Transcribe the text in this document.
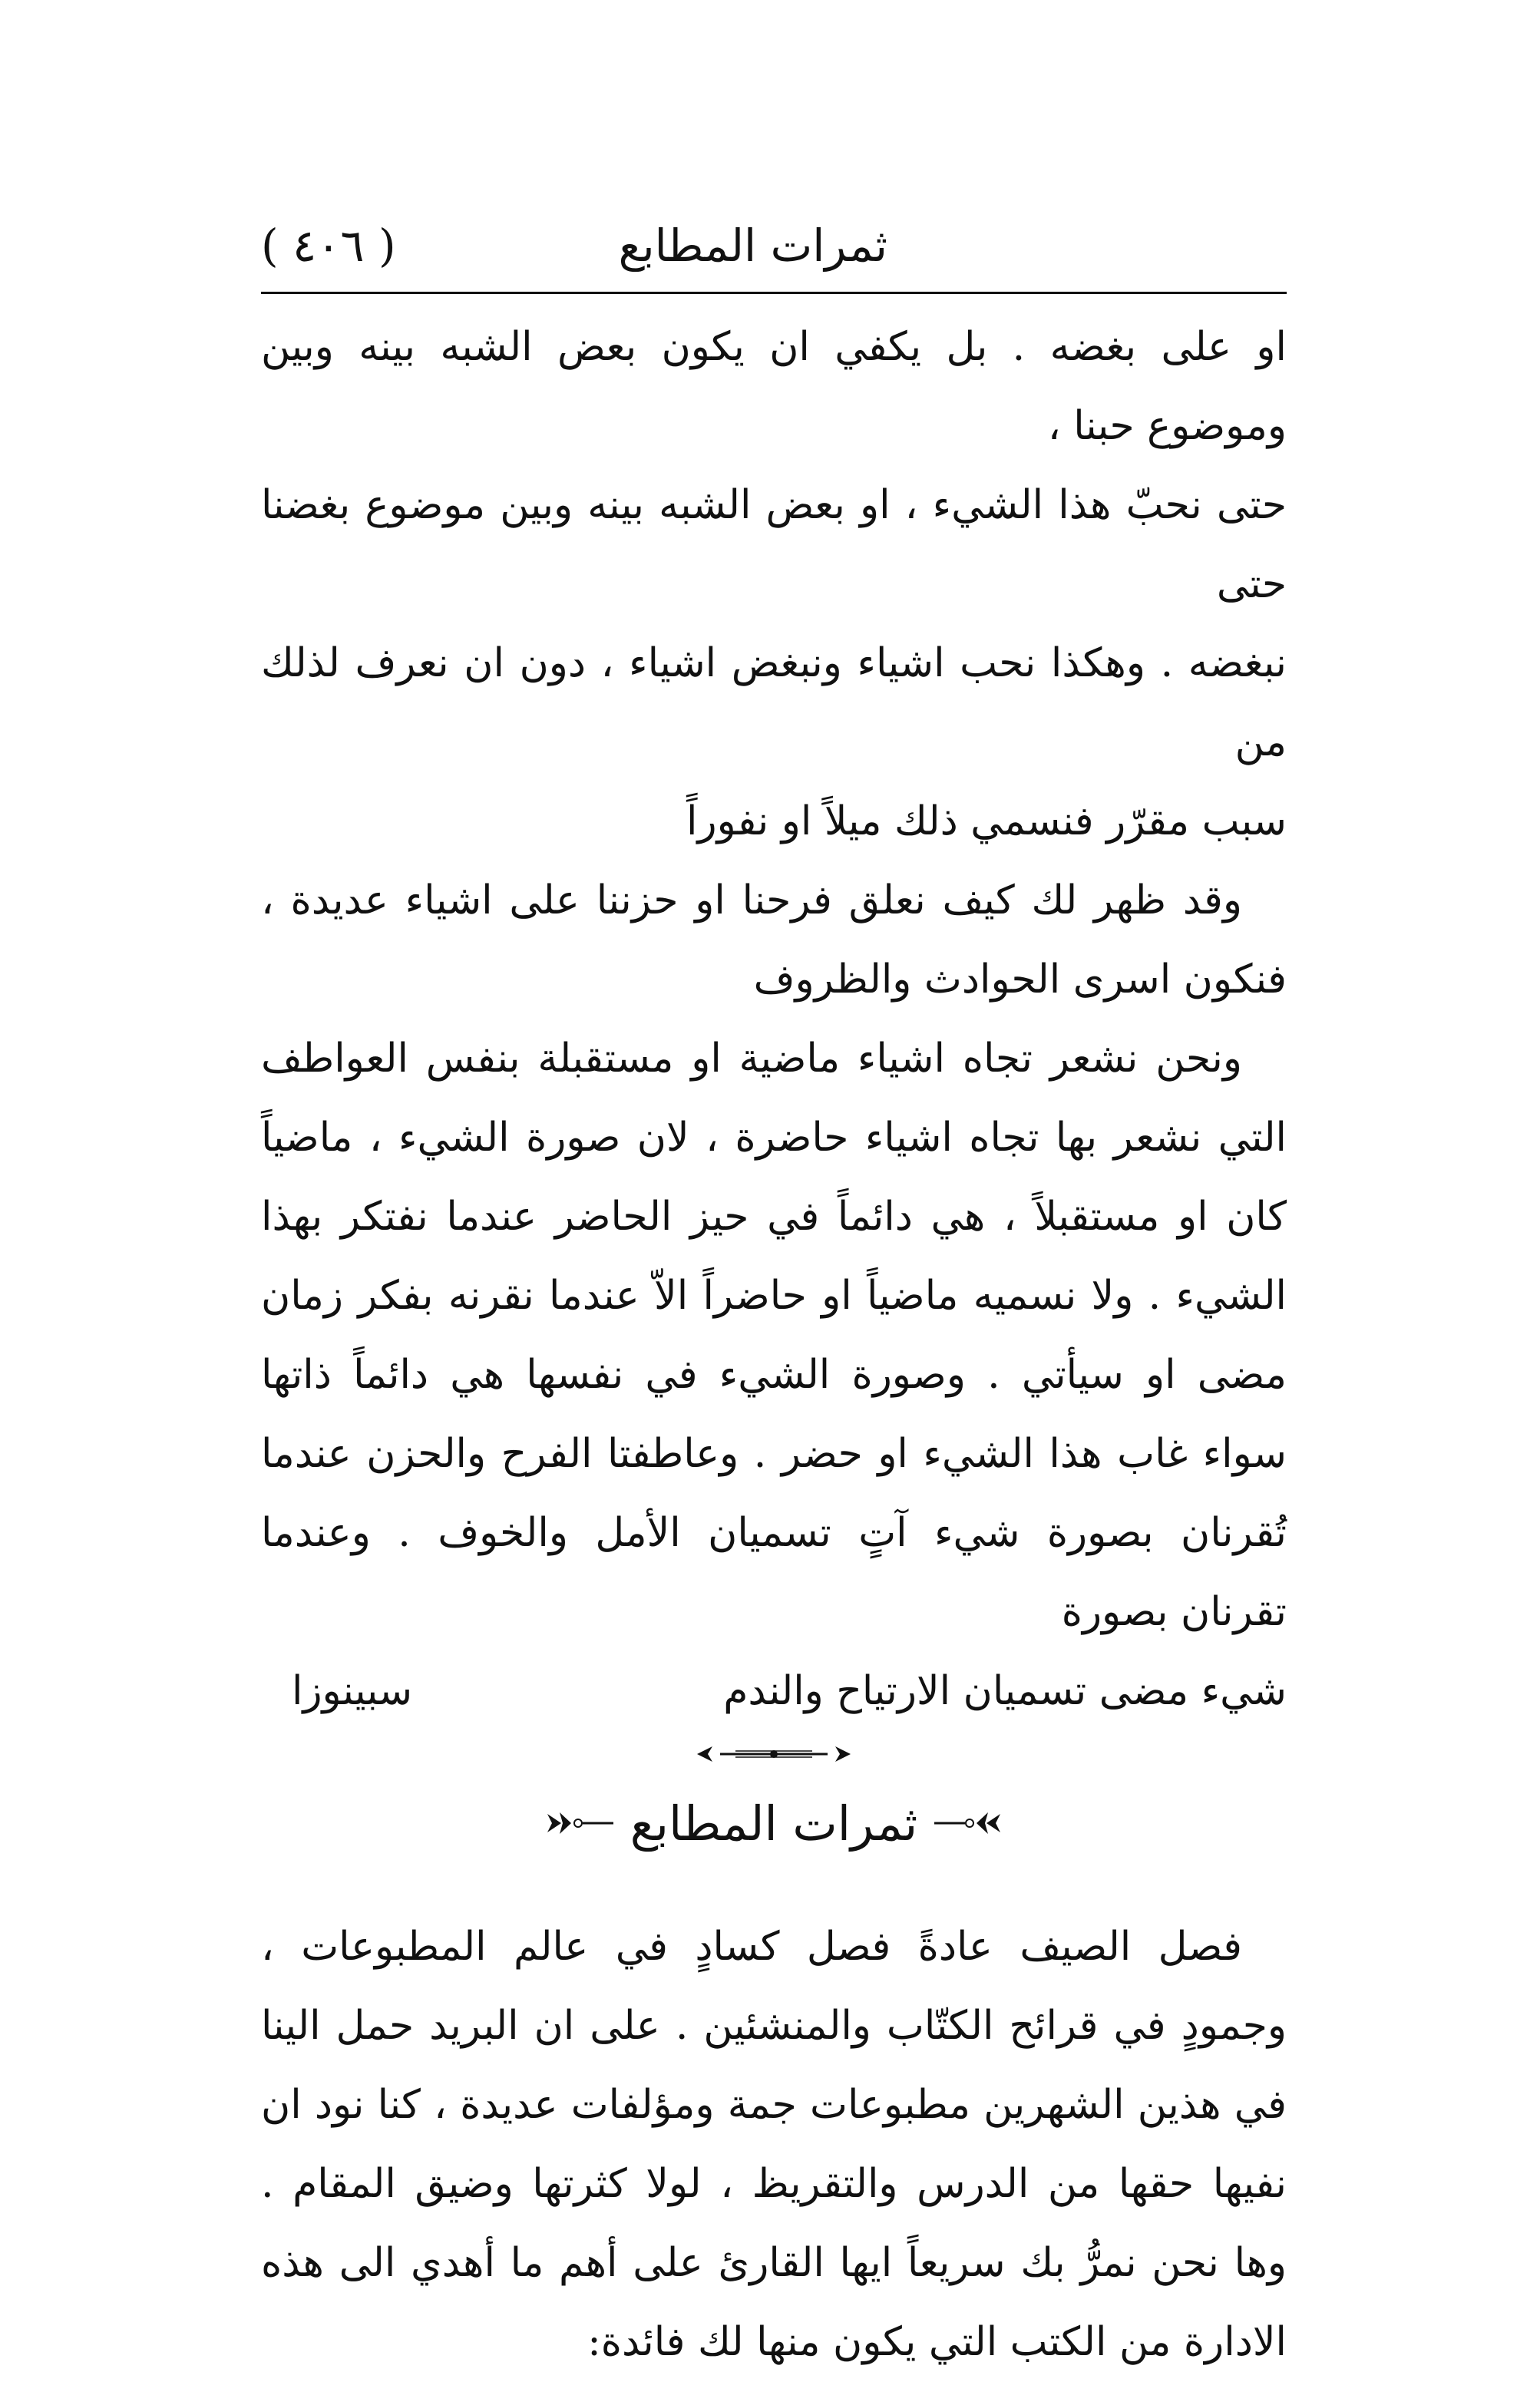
ثمرات المطابع
( ٤٠٦ )

او على بغضه . بل يكفي ان يكون بعض الشبه بينه وبين وموضوع حبنا ،

حتى نحبّ هذا الشيء ، او بعض الشبه بينه وبين موضوع بغضنا حتى

نبغضه . وهكذا نحب اشياء ونبغض اشياء ، دون ان نعرف لذلك من

سبب مقرّر فنسمي ذلك ميلاً او نفوراً

وقد ظهر لك كيف نعلق فرحنا او حزننا على اشياء عديدة ، فنكون اسرى الحوادث والظروف

ونحن نشعر تجاه اشياء ماضية او مستقبلة بنفس العواطف التي نشعر بها تجاه اشياء حاضرة ، لان صورة الشيء ، ماضياً كان او مستقبلاً ، هي دائماً في حيز الحاضر عندما نفتكر بهذا الشيء . ولا نسميه ماضياً او حاضراً الاّ عندما نقرنه بفكر زمان مضى او سيأتي . وصورة الشيء في نفسها هي دائماً ذاتها سواء غاب هذا الشيء او حضر . وعاطفتا الفرح والحزن عندما تُقرنان بصورة شيء آتٍ تسميان الأمل والخوف . وعندما تقرنان بصورة

شيء مضى تسميان الارتياح والندم
سبينوزا
ثمرات المطابع

فصل الصيف عادةً فصل كسادٍ في عالم المطبوعات ، وجمودٍ في قرائح الكتّاب والمنشئين . على ان البريد حمل الينا في هذين الشهرين مطبوعات جمة ومؤلفات عديدة ، كنا نود ان نفيها حقها من الدرس والتقريظ ، لولا كثرتها وضيق المقام . وها نحن نمرُّ بك سريعاً ايها القارئ على أهم ما أهدي الى هذه الادارة من الكتب التي يكون منها لك فائدة:
